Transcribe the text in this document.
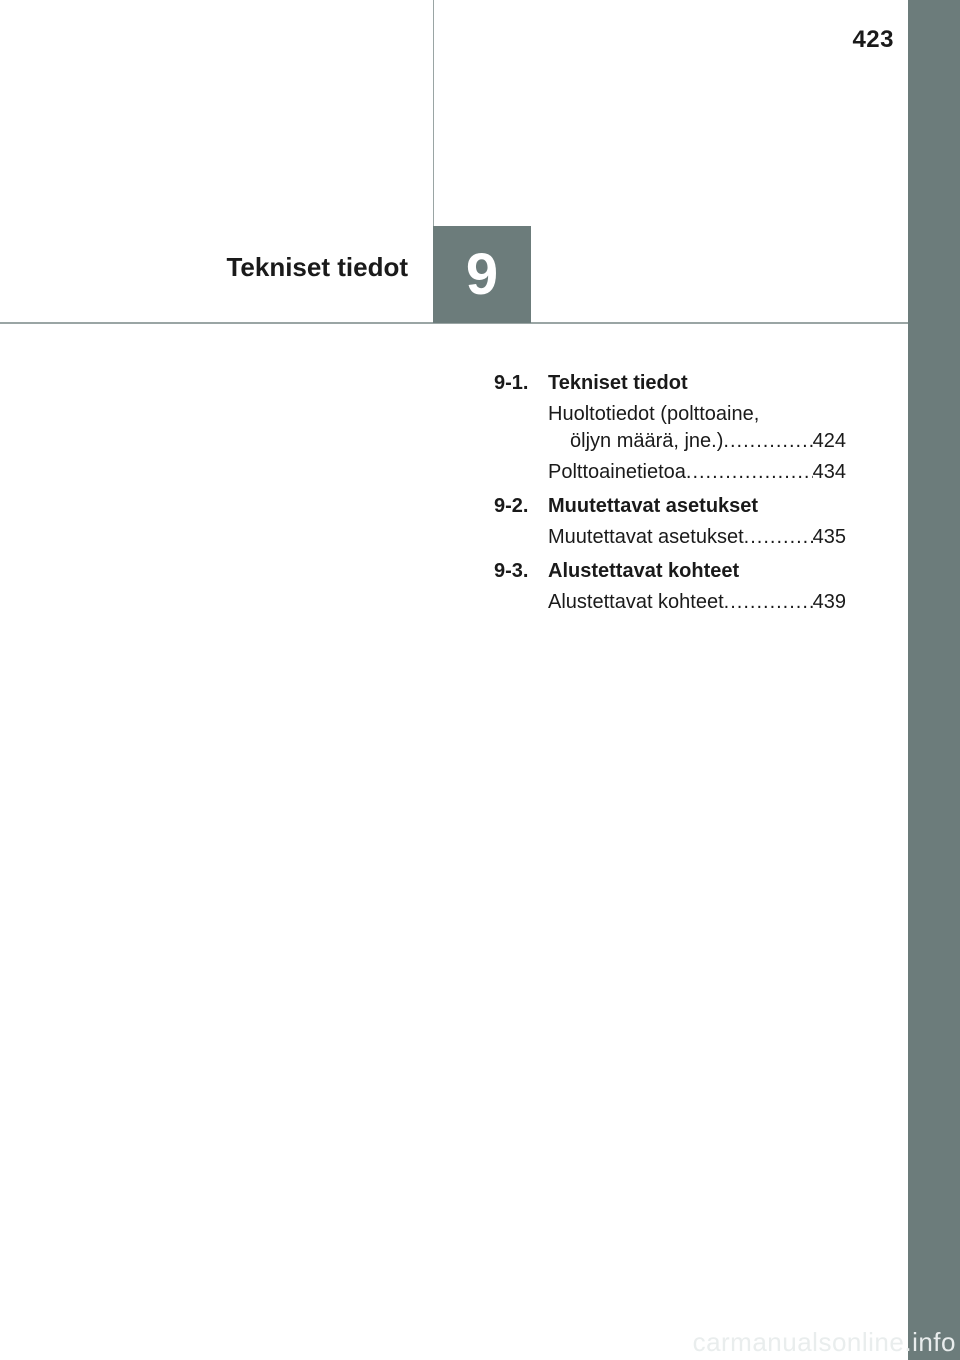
423
Tekniset tiedot 9
9-1. Tekniset tiedot
Huoltotiedot (polttoaine,
öljyn määrä, jne.) .....	424
Polttoainetietoa .....	434
9-2. Muutettavat asetukset
Muutettavat asetukset .....	435
9-3. Alustettavat kohteet
Alustettavat kohteet .....	439
carmanualsonline.info
